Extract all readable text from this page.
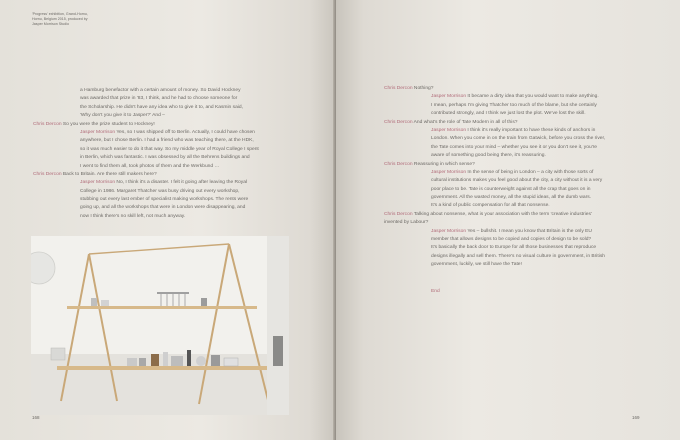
'Progress' exhibition, Grand-Hornu,
Hornu, Belgium 2015, produced by
Jasper Morrison Studio
a Hamburg benefactor with a certain amount of money. So David Hockney
was awarded that prize in '83, I think, and he had to choose someone for
the Scholarship. He didn't have any idea who to give it to, and Kasmin said,
'Why don't you give it to Jasper?' And –
Chris Dercon So you were the prize student to Hockney!
Jasper Morrison Yes, so I was shipped off to Berlin. Actually, I could have chosen
anywhere, but I chose Berlin. I had a friend who was teaching there, at the HDK,
so it was much easier to do it that way. So my middle year of Royal College I spent
in Berlin, which was fantastic. I was obsessed by all the Behrens buildings and
I went to find them all, took photos of them and the Werkbund …
Chris Dercon Back to Britain. Are there still makers here?
Jasper Morrison No, I think it's a disaster. I felt it going after leaving the Royal
College in 1986. Margaret Thatcher was busy driving out every workshop,
stubbing out every last ember of specialist making workshops. The rents were
going up, and all the workshops that were in London were disappearing, and
now I think there's no skill left, not much anyway.
168
Chris Dercon Nothing?
Jasper Morrison It became a dirty idea that you would want to make anything.
I mean, perhaps I'm giving Thatcher too much of the blame, but she certainly
contributed strongly, and I think we just lost the plot. We've lost the skill.
Chris Dercon And what's the role of Tate Modern in all of this?
Jasper Morrison I think it's really important to have these kinds of anchors in
London. When you come in on the train from Gatwick, before you cross the river,
the Tate comes into your mind – whether you see it or you don't see it, you're
aware of something good being there, it's reassuring.
Chris Dercon Reassuring in which sense?
Jasper Morrison In the sense of being in London – a city with those sorts of
cultural institutions makes you feel good about the city, a city without it is a very
poor place to be. Tate is counterweight against all the crap that goes on in
government. All the wasted money, all the stupid ideas, all the dumb wars.
It's a kind of public compensation for all that nonsense.
Chris Dercon Talking about nonsense, what is your association with the term 'creative industries'
invented by Labour?
Jasper Morrison Yes – bullshit. I mean you know that Britain is the only EU
member that allows designs to be copied and copies of design to be sold?
It's basically the back door to Europe for all those businesses that reproduce
designs illegally and sell them. There's no visual culture in government, in British
government, luckily, we still have the Tate!
End
169
